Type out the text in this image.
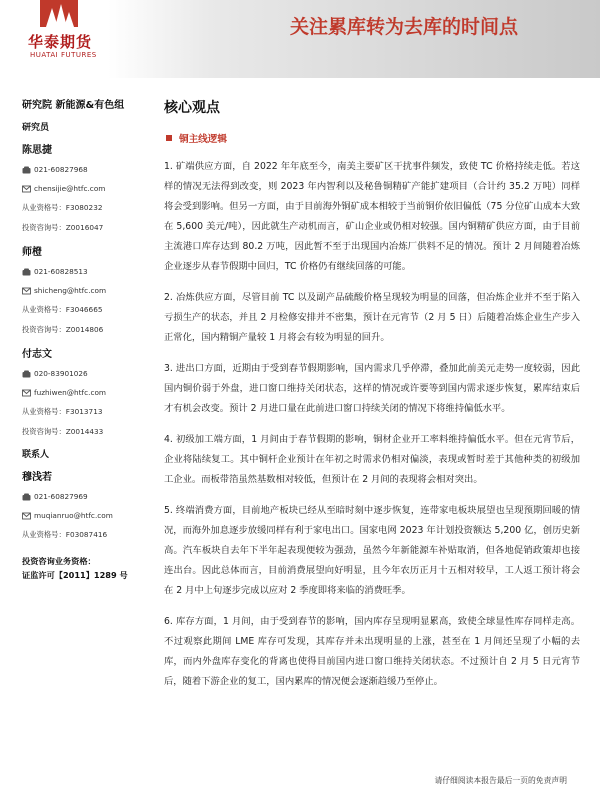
华泰期货
HUATAI FUTURES
关注累库转为去库的时间点
研究院 新能源&有色组
研究员
陈思捷
021-60827968
chensijie@htfc.com
从业资格号：F3080232
投资咨询号：Z0016047
师橙
021-60828513
shicheng@htfc.com
从业资格号：F3046665
投资咨询号：Z0014806
付志文
020-83901026
fuzhiwen@htfc.com
从业资格号：F3013713
投资咨询号：Z0014433
联系人
穆浅若
021-60827969
muqianruo@htfc.com
从业资格号：F03087416
投资咨询业务资格：
证监许可【2011】1289 号
核心观点
铜主线逻辑

1. 矿端供应方面，自 2022 年年底至今，南美主要矿区干扰事件频发，致使 TC 价格持续走低。若这样的情况无法得到改变，则 2023 年内智利以及秘鲁铜精矿产能扩建项目（合计约 35.2 万吨）同样将会受到影响。但另一方面，由于目前海外铜矿成本相较于当前铜价依旧偏低（75 分位矿山成本大致在 5,600 美元/吨），因此就生产动机而言，矿山企业或仍相对较强。国内铜精矿供应方面，由于目前主流港口库存达到 80.2 万吨，因此暂不至于出现国内冶炼厂供料不足的情况。预计 2 月间随着冶炼企业逐步从春节假期中回归，TC 价格仍有继续回落的可能。

2. 冶炼供应方面，尽管目前 TC 以及副产品硫酸价格呈现较为明显的回落，但冶炼企业并不至于陷入亏损生产的状态，并且 2 月检修安排并不密集，预计在元宵节（2 月 5 日）后随着冶炼企业生产步入正常化，国内精铜产量较 1 月将会有较为明显的回升。

3. 进出口方面，近期由于受到春节假期影响，国内需求几乎停滞，叠加此前美元走势一度较弱，因此国内铜价弱于外盘，进口窗口维持关闭状态，这样的情况或许要等到国内需求逐步恢复，累库结束后才有机会改变。预计 2 月进口量在此前进口窗口持续关闭的情况下将维持偏低水平。

4. 初级加工端方面，1 月间由于春节假期的影响，铜材企业开工率料维持偏低水平。但在元宵节后，企业将陆续复工。其中铜杆企业预计在年初之时需求仍相对偏淡，表现或暂时差于其他种类的初级加工企业。而板带箔虽然基数相对较低，但预计在 2 月间的表现将会相对突出。

5. 终端消费方面，目前地产板块已经从至暗时刻中逐步恢复，连带家电板块展望也呈现预期回暖的情况，而海外加息逐步放缓同样有利于家电出口。国家电网 2023 年计划投资额达 5,200 亿，创历史新高。汽车板块自去年下半年起表现便较为强劲，虽然今年新能源车补贴取消，但各地促销政策却也接连出台。因此总体而言，目前消费展望向好明显，且今年农历正月十五相对较早，工人返工预计将会在 2 月中上旬逐步完成以应对 2 季度即将来临的消费旺季。

6. 库存方面，1 月间，由于受到春节的影响，国内库存呈现明显累高，致使全球显性库存同样走高。不过观察此期间 LME 库存可发现，其库存并未出现明显的上涨，甚至在 1 月间还呈现了小幅的去库，而内外盘库存变化的背离也使得目前国内进口窗口维持关闭状态。不过预计自 2 月 5 日元宵节后，随着下游企业的复工，国内累库的情况便会逐渐趋缓乃至停止。

请仔细阅读本报告最后一页的免责声明
